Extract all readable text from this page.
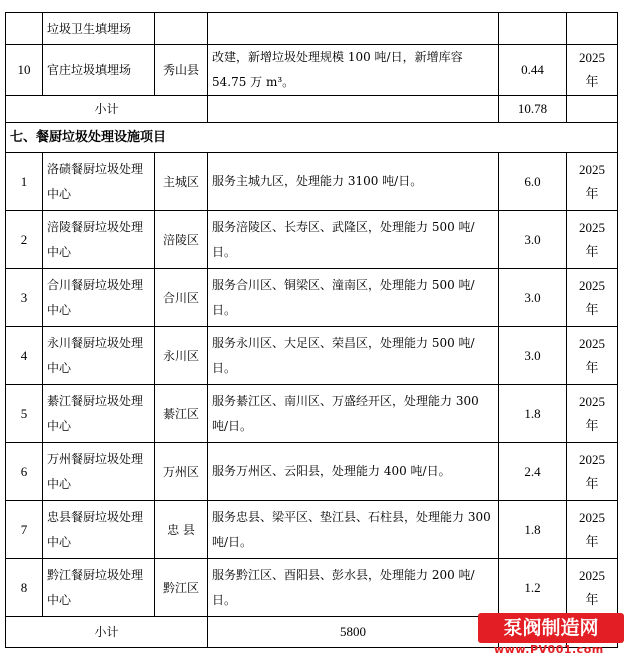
	垃圾卫生填埋场				
10	官庄垃圾填埋场	秀山县	改建，新增垃圾处理规模 100 吨/日，新增库容 54.75 万 m³。	0.44	2025 年
小计				10.78	
七、餐厨垃圾处理设施项目					
1	洛碛餐厨垃圾处理中心	主城区	服务主城九区，处理能力 3100 吨/日。	6.0	2025 年
2	涪陵餐厨垃圾处理中心	涪陵区	服务涪陵区、长寿区、武隆区，处理能力 500 吨/日。	3.0	2025 年
3	合川餐厨垃圾处理中心	合川区	服务合川区、铜梁区、潼南区，处理能力 500 吨/日。	3.0	2025 年
4	永川餐厨垃圾处理中心	永川区	服务永川区、大足区、荣昌区，处理能力 500 吨/日。	3.0	2025 年
5	綦江餐厨垃圾处理中心	綦江区	服务綦江区、南川区、万盛经开区，处理能力 300 吨/日。	1.8	2025 年
6	万州餐厨垃圾处理中心	万州区	服务万州区、云阳县，处理能力 400 吨/日。	2.4	2025 年
7	忠县餐厨垃圾处理中心	忠 县	服务忠县、梁平区、垫江县、石柱县，处理能力 300 吨/日。	1.8	2025 年
8	黔江餐厨垃圾处理中心	黔江区	服务黔江区、酉阳县、彭水县，处理能力 200 吨/日。	1.2	2025 年
小计			5800			泵阀制造网
www.PV001.com
